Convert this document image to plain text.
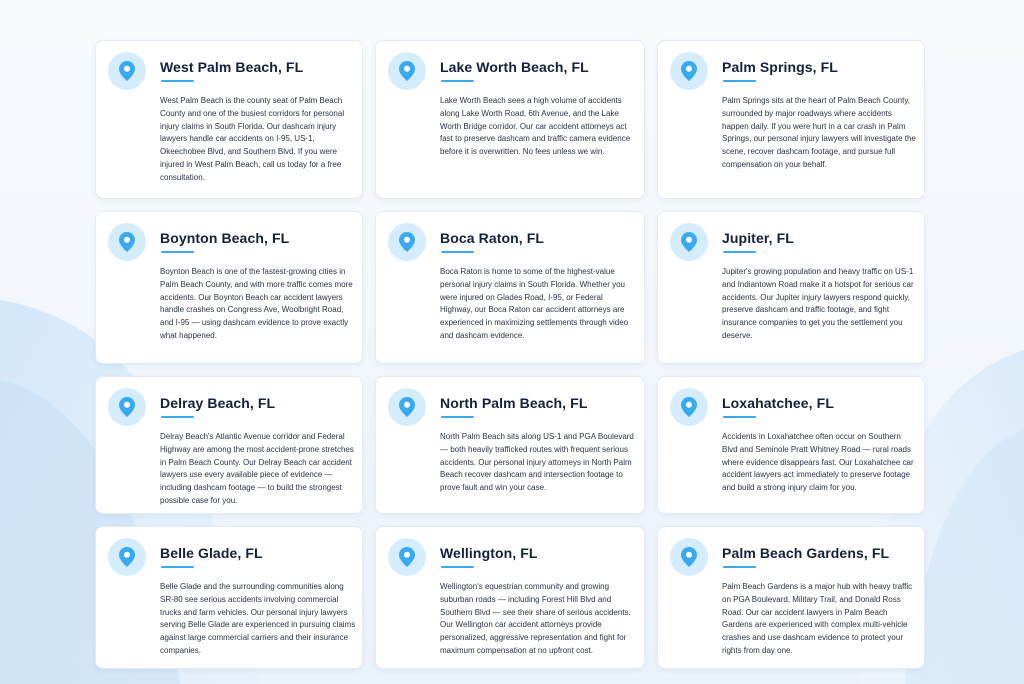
West Palm Beach, FL

West Palm Beach is the county seat of Palm Beach County and one of the busiest corridors for personal injury claims in South Florida. Our dashcam injury lawyers handle car accidents on I-95, US-1, Okeechobee Blvd, and Southern Blvd. If you were injured in West Palm Beach, call us today for a free consultation.

Lake Worth Beach, FL

Lake Worth Beach sees a high volume of accidents along Lake Worth Road, 6th Avenue, and the Lake Worth Bridge corridor. Our car accident attorneys act fast to preserve dashcam and traffic camera evidence before it is overwritten. No fees unless we win.

Palm Springs, FL

Palm Springs sits at the heart of Palm Beach County, surrounded by major roadways where accidents happen daily. If you were hurt in a car crash in Palm Springs, our personal injury lawyers will investigate the scene, recover dashcam footage, and pursue full compensation on your behalf.

Boynton Beach, FL

Boynton Beach is one of the fastest-growing cities in Palm Beach County, and with more traffic comes more accidents. Our Boynton Beach car accident lawyers handle crashes on Congress Ave, Woolbright Road, and I-95 — using dashcam evidence to prove exactly what happened.

Boca Raton, FL

Boca Raton is home to some of the highest-value personal injury claims in South Florida. Whether you were injured on Glades Road, I-95, or Federal Highway, our Boca Raton car accident attorneys are experienced in maximizing settlements through video and dashcam evidence.

Jupiter, FL

Jupiter's growing population and heavy traffic on US-1 and Indiantown Road make it a hotspot for serious car accidents. Our Jupiter injury lawyers respond quickly, preserve dashcam and traffic footage, and fight insurance companies to get you the settlement you deserve.

Delray Beach, FL

Delray Beach's Atlantic Avenue corridor and Federal Highway are among the most accident-prone stretches in Palm Beach County. Our Delray Beach car accident lawyers use every available piece of evidence — including dashcam footage — to build the strongest possible case for you.

North Palm Beach, FL

North Palm Beach sits along US-1 and PGA Boulevard — both heavily trafficked routes with frequent serious accidents. Our personal injury attorneys in North Palm Beach recover dashcam and intersection footage to prove fault and win your case.

Loxahatchee, FL

Accidents in Loxahatchee often occur on Southern Blvd and Seminole Pratt Whitney Road — rural roads where evidence disappears fast. Our Loxahatchee car accident lawyers act immediately to preserve footage and build a strong injury claim for you.

Belle Glade, FL

Belle Glade and the surrounding communities along SR-80 see serious accidents involving commercial trucks and farm vehicles. Our personal injury lawyers serving Belle Glade are experienced in pursuing claims against large commercial carriers and their insurance companies.

Wellington, FL

Wellington's equestrian community and growing suburban roads — including Forest Hill Blvd and Southern Blvd — see their share of serious accidents. Our Wellington car accident attorneys provide personalized, aggressive representation and fight for maximum compensation at no upfront cost.

Palm Beach Gardens, FL

Palm Beach Gardens is a major hub with heavy traffic on PGA Boulevard, Military Trail, and Donald Ross Road. Our car accident lawyers in Palm Beach Gardens are experienced with complex multi-vehicle crashes and use dashcam evidence to protect your rights from day one.
